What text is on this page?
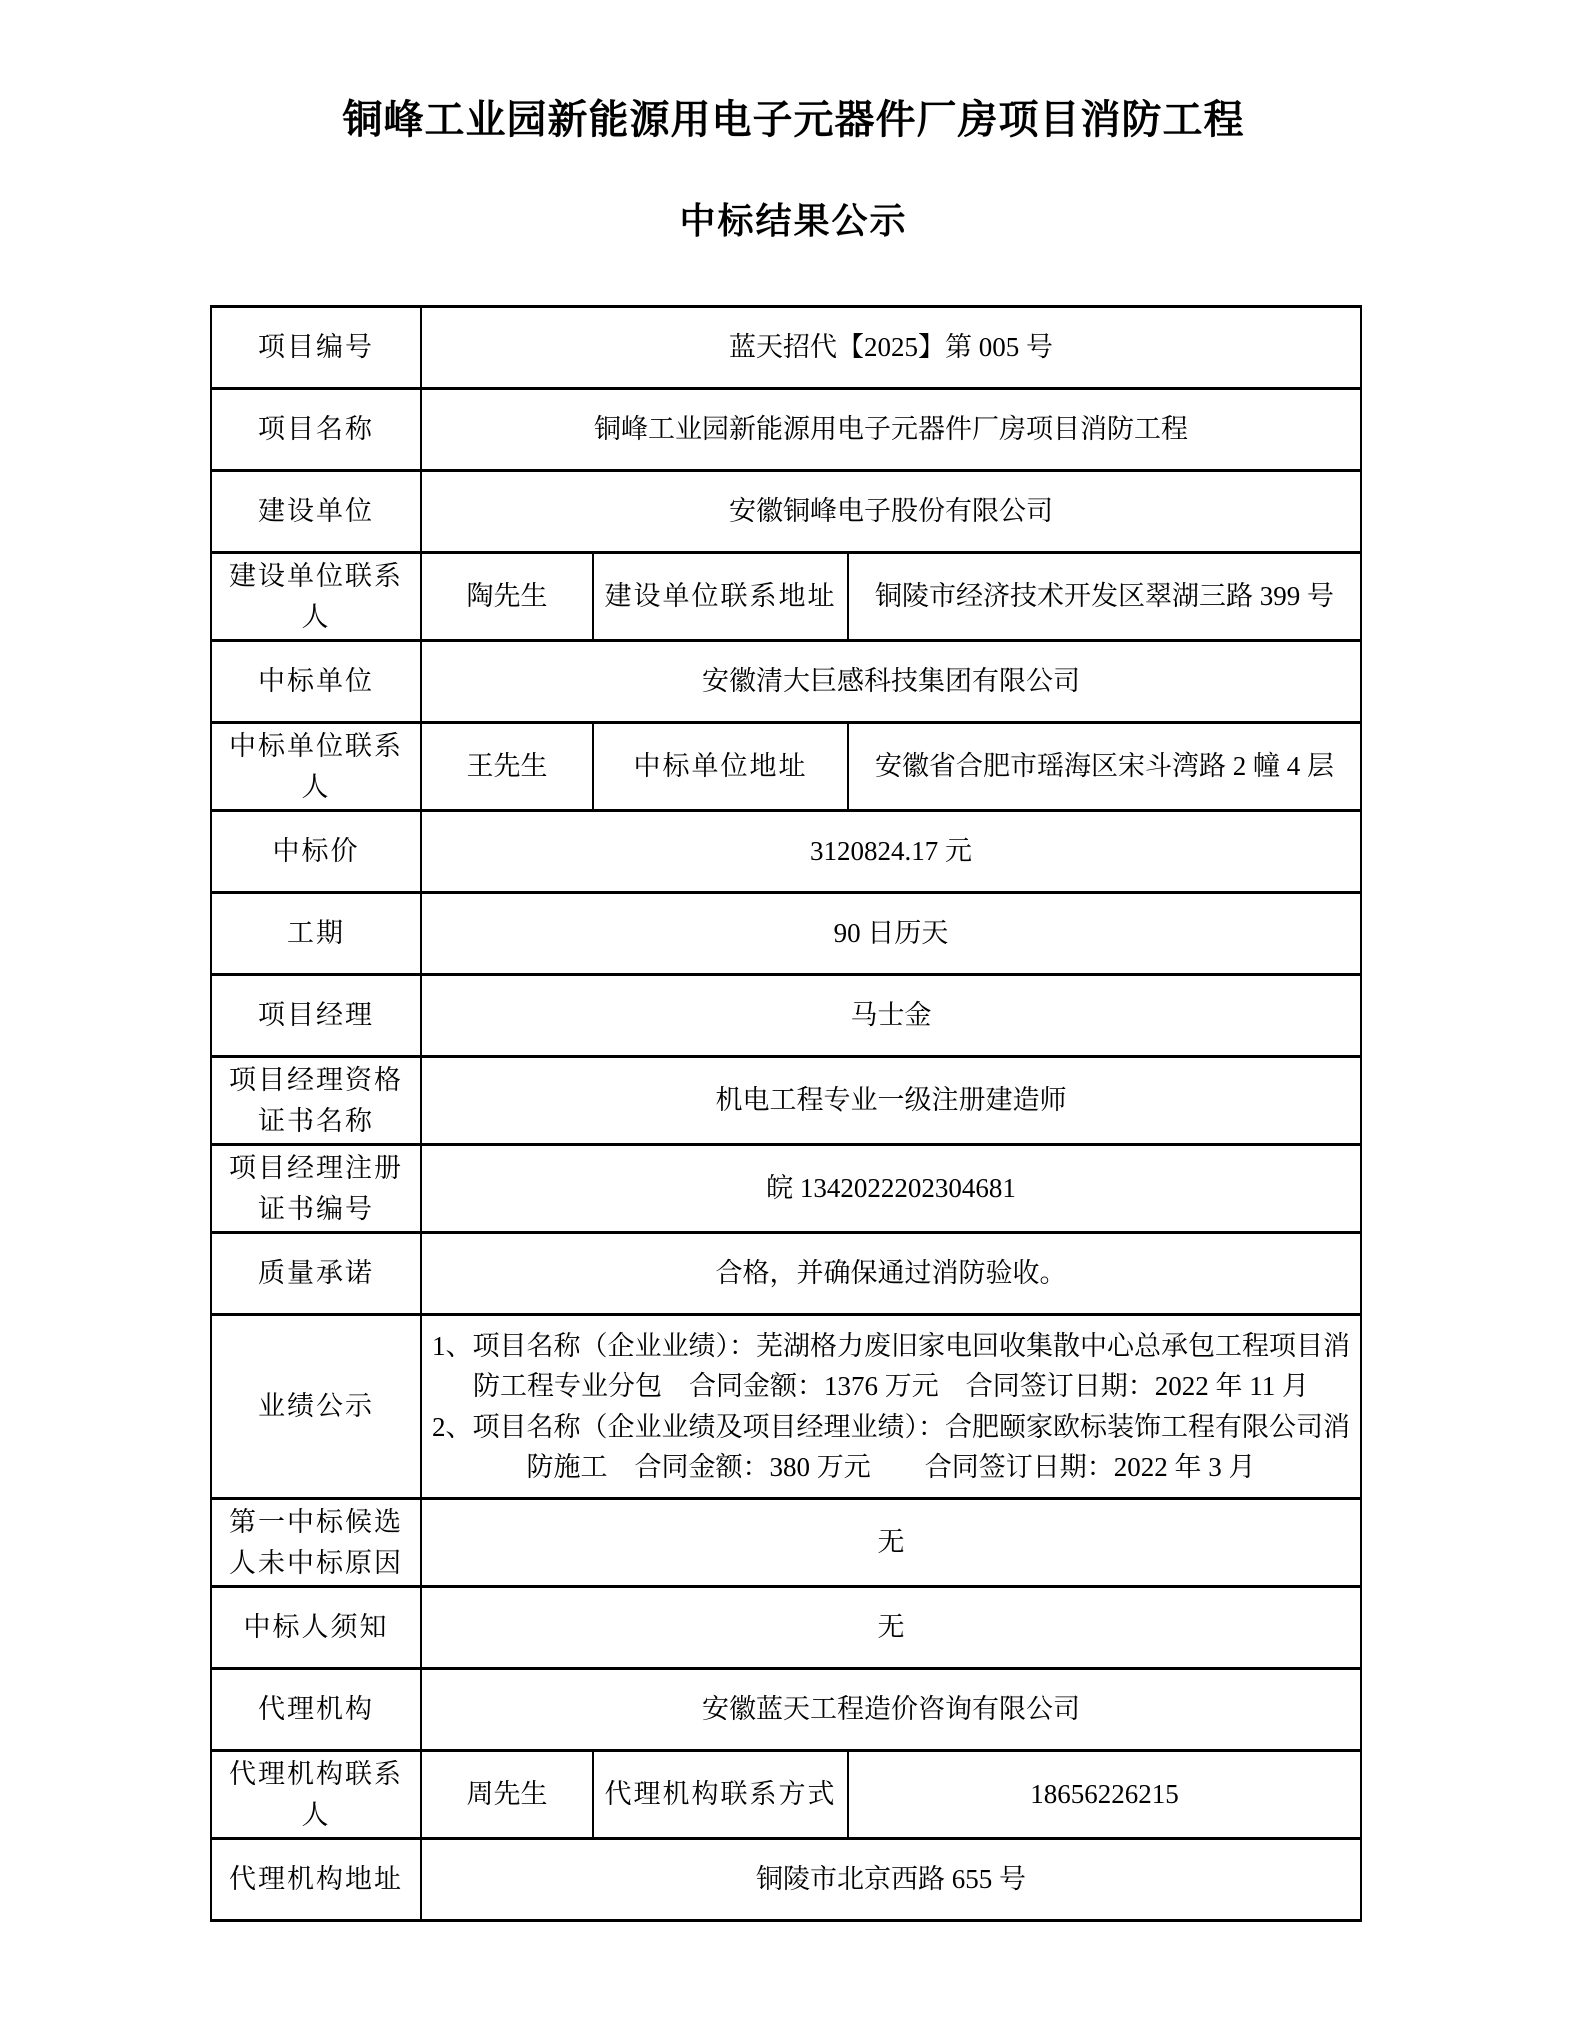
铜峰工业园新能源用电子元器件厂房项目消防工程
中标结果公示
项目编号	蓝天招代【2025】第 005 号		
项目名称	铜峰工业园新能源用电子元器件厂房项目消防工程		
建设单位	安徽铜峰电子股份有限公司		
建设单位联系人	陶先生	建设单位联系地址	铜陵市经济技术开发区翠湖三路 399 号
中标单位	安徽清大巨感科技集团有限公司		
中标单位联系人	王先生	中标单位地址	安徽省合肥市瑶海区宋斗湾路 2 幢 4 层
中标价	3120824.17 元		
工期	90 日历天		
项目经理	马士金		
项目经理资格证书名称	机电工程专业一级注册建造师		
项目经理注册证书编号	皖 1342022202304681		
质量承诺	合格，并确保通过消防验收。		
业绩公示	1、项目名称（企业业绩）：芜湖格力废旧家电回收集散中心总承包工程项目消防工程专业分包　合同金额：1376 万元　合同签订日期：2022 年 11 月
2、项目名称（企业业绩及项目经理业绩）：合肥颐家欧标装饰工程有限公司消防施工　合同金额：380 万元　　合同签订日期：2022 年 3 月		

第一中标候选人未中标原因	无		
中标人须知	无		
代理机构	安徽蓝天工程造价咨询有限公司		
代理机构联系人	周先生	代理机构联系方式	18656226215
代理机构地址	铜陵市北京西路 655 号		
